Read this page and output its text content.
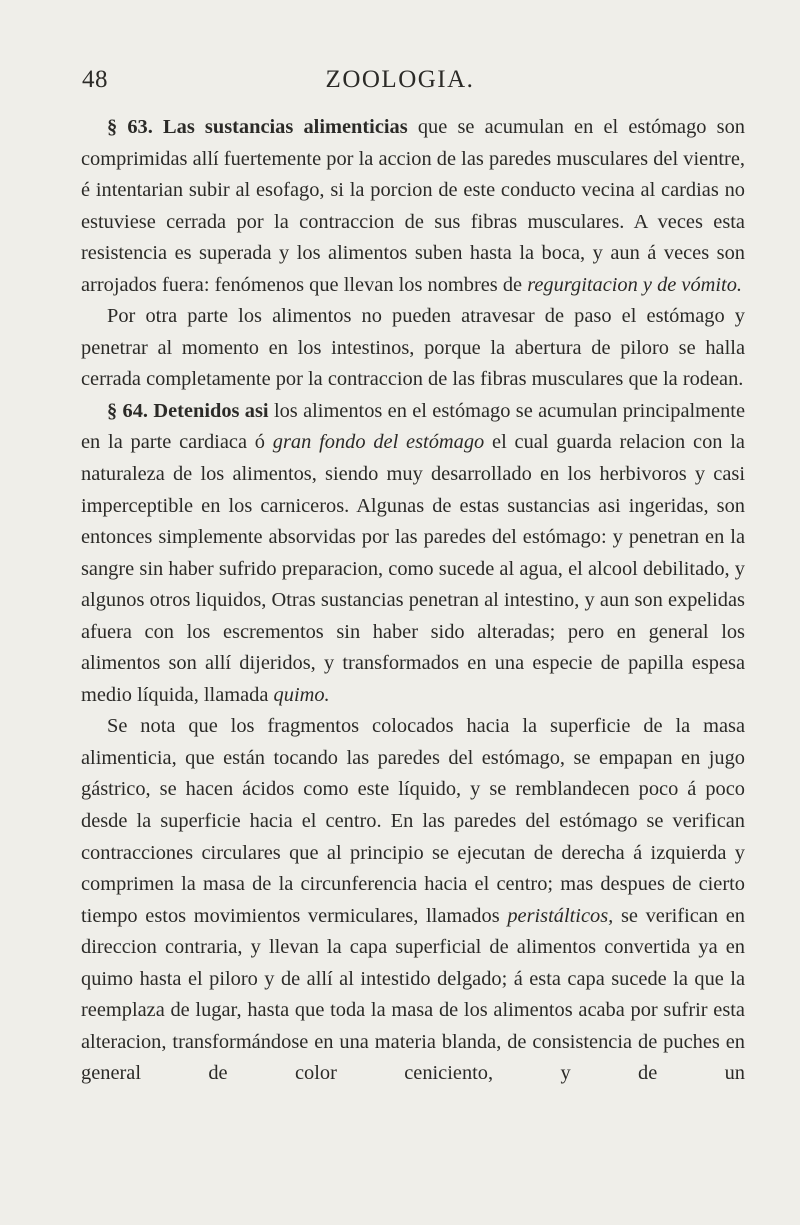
48	ZOOLOGIA.

§ 63. Las sustancias alimenticias que se acumulan en el estómago son comprimidas allí fuertemente por la accion de las paredes musculares del vientre, é intentarian subir al esofago, si la porcion de este conducto vecina al cardias no estuviese cerrada por la contraccion de sus fibras musculares. A veces esta resistencia es superada y los alimentos suben hasta la boca, y aun á veces son arrojados fuera: fenómenos que llevan los nombres de regurgitacion y de vómito.

Por otra parte los alimentos no pueden atravesar de paso el estómago y penetrar al momento en los intestinos, porque la abertura de piloro se halla cerrada completamente por la contraccion de las fibras musculares que la rodean.

§ 64. Detenidos asi los alimentos en el estómago se acumulan principalmente en la parte cardiaca ó gran fondo del estómago el cual guarda relacion con la naturaleza de los alimentos, siendo muy desarrollado en los herbivoros y casi imperceptible en los carniceros. Algunas de estas sustancias asi ingeridas, son entonces simplemente absorvidas por las paredes del estómago: y penetran en la sangre sin haber sufrido preparacion, como sucede al agua, el alcool debilitado, y algunos otros liquidos, Otras sustancias penetran al intestino, y aun son expelidas afuera con los escrementos sin haber sido alteradas; pero en general los alimentos son allí dijeridos, y transformados en una especie de papilla espesa medio líquida, llamada quimo.

Se nota que los fragmentos colocados hacia la superficie de la masa alimenticia, que están tocando las paredes del estómago, se empapan en jugo gástrico, se hacen ácidos como este líquido, y se remblandecen poco á poco desde la superficie hacia el centro. En las paredes del estómago se verifican contracciones circulares que al principio se ejecutan de derecha á izquierda y comprimen la masa de la circunferencia hacia el centro; mas despues de cierto tiempo estos movimientos vermiculares, llamados peristálticos, se verifican en direccion contraria, y llevan la capa superficial de alimentos convertida ya en quimo hasta el piloro y de allí al intestido delgado; á esta capa sucede la que la reemplaza de lugar, hasta que toda la masa de los alimentos acaba por sufrir esta alteracion, transformándose en una materia blanda, de consistencia de puches en general de color ceniciento, y de un
